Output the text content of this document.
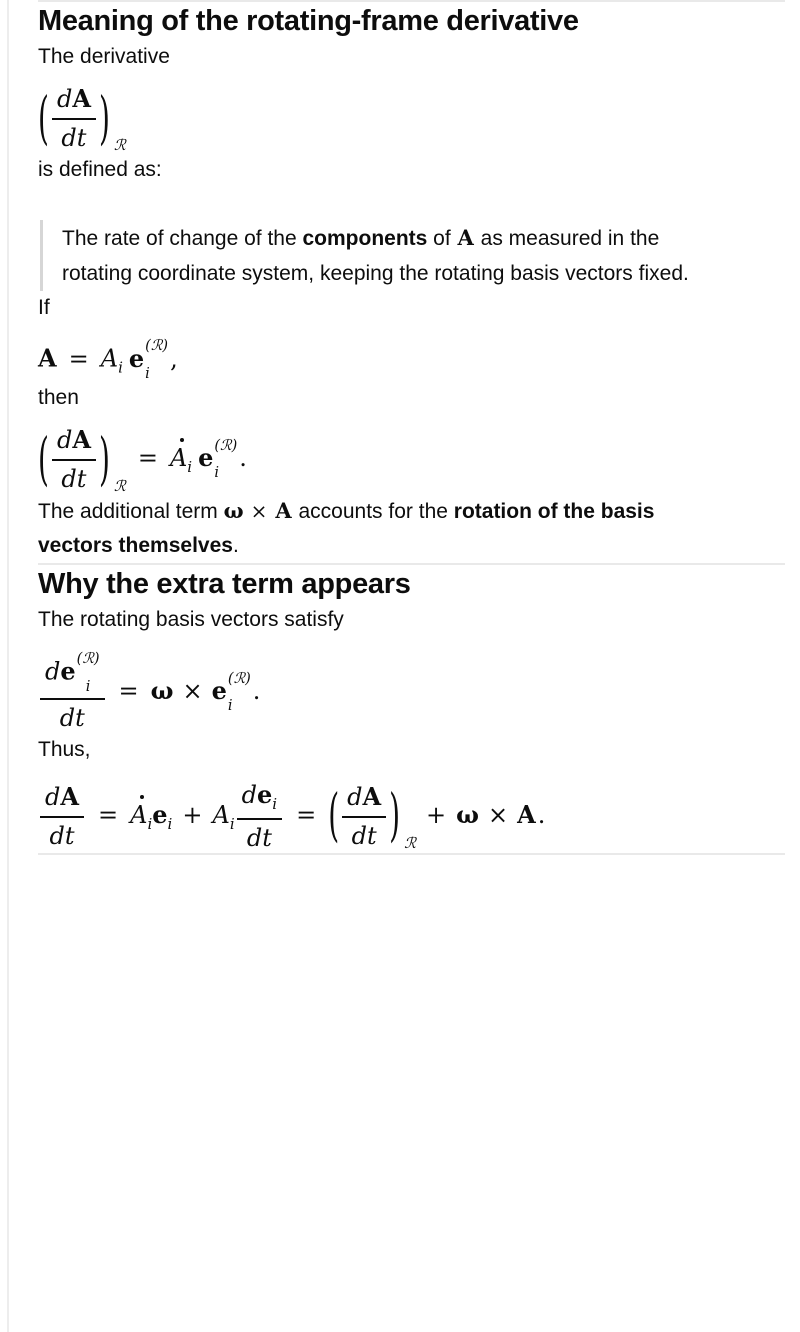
Meaning of the rotating-frame derivative

The derivative

( $\frac{dA}{dt}$ ) ℛ

is defined as:

The rate of change of the components of A as measured in the rotating coordinate system, keeping the rotating basis vectors fixed.

If

$A = A_i$ e (ℛ)
i
,

then

( $\frac{dA}{dt}$ ) ℛ= $A_i$ e (ℛ)
i
.

The additional term ω × A accounts for the rotation of the basis vectors themselves.

Why the extra term appears

The rotating basis vectors satisfy

de (ℛ)
i
dt = ω × e (ℛ)
i
.

Thus,

$\frac{dA}{dt} = A_ie_i + A_i \frac{de_i}{dt}$ = ( $\frac{dA}{dt}$ ) ℛ+ ω × A.
